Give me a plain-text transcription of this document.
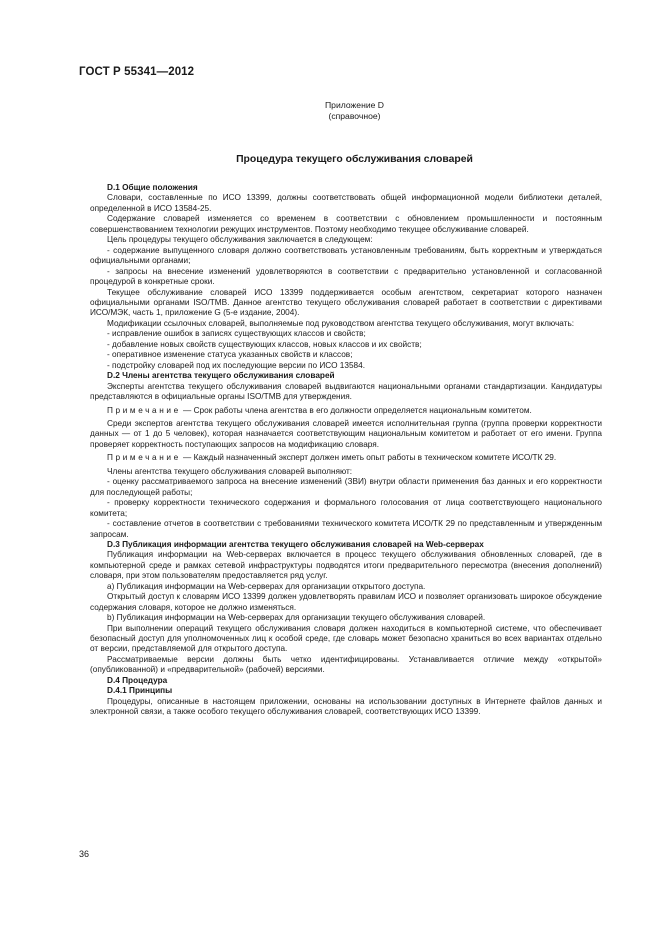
ГОСТ Р 55341—2012
Приложение D
(справочное)
Процедура текущего обслуживания словарей

D.1 Общие положения

Словари, составленные по ИСО 13399, должны соответствовать общей информационной модели библиотеки деталей, определенной в ИСО 13584-25.

Содержание словарей изменяется со временем в соответствии с обновлением промышленности и постоянным совершенствованием технологии режущих инструментов. Поэтому необходимо текущее обслуживание словарей.

Цель процедуры текущего обслуживания заключается в следующем:

- содержание выпущенного словаря должно соответствовать установленным требованиям, быть корректным и утверждаться официальными органами;

- запросы на внесение изменений удовлетворяются в соответствии с предварительно установленной и согласованной процедурой в конкретные сроки.

Текущее обслуживание словарей ИСО 13399 поддерживается особым агентством, секретариат которого назначен официальными органами ISO/TMB. Данное агентство текущего обслуживания словарей работает в соответствии с директивами ИСО/МЭК, часть 1, приложение G (5-е издание, 2004).

Модификации ссылочных словарей, выполняемые под руководством агентства текущего обслуживания, могут включать:

- исправление ошибок в записях существующих классов и свойств;

- добавление новых свойств существующих классов, новых классов и их свойств;

- оперативное изменение статуса указанных свойств и классов;

- подстройку словарей под их последующие версии по ИСО 13584.

D.2 Члены агентства текущего обслуживания словарей

Эксперты агентства текущего обслуживания словарей выдвигаются национальными органами стандартизации. Кандидатуры представляются в официальные органы ISO/TMB для утверждения.

Примечание — Срок работы члена агентства в его должности определяется национальным комитетом.

Среди экспертов агентства текущего обслуживания словарей имеется исполнительная группа (группа проверки корректности данных — от 1 до 5 человек), которая назначается соответствующим национальным комитетом и работает от его имени. Группа проверяет корректность поступающих запросов на модификацию словаря.

Примечание — Каждый назначенный эксперт должен иметь опыт работы в техническом комитете ИСО/ТК 29.

Члены агентства текущего обслуживания словарей выполняют:

- оценку рассматриваемого запроса на внесение изменений (ЗВИ) внутри области применения баз данных и его корректности для последующей работы;

- проверку корректности технического содержания и формального голосования от лица соответствующего национального комитета;

- составление отчетов в соответствии с требованиями технического комитета ИСО/ТК 29 по представленным и утвержденным запросам.

D.3 Публикация информации агентства текущего обслуживания словарей на Web-серверах

Публикация информации на Web-серверах включается в процесс текущего обслуживания обновленных словарей, где в компьютерной среде и рамках сетевой инфраструктуры подводятся итоги предварительного пересмотра (внесения дополнений) словаря, при этом пользователям предоставляется ряд услуг.

а) Публикация информации на Web-серверах для организации открытого доступа.

Открытый доступ к словарям ИСО 13399 должен удовлетворять правилам ИСО и позволяет организовать широкое обсуждение содержания словаря, которое не должно изменяться.

b) Публикация информации на Web-серверах для организации текущего обслуживания словарей.

При выполнении операций текущего обслуживания словаря должен находиться в компьютерной системе, что обеспечивает безопасный доступ для уполномоченных лиц к особой среде, где словарь может безопасно храниться во всех вариантах отдельно от версии, представляемой для открытого доступа.

Рассматриваемые версии должны быть четко идентифицированы. Устанавливается отличие между «открытой» (опубликованной) и «предварительной» (рабочей) версиями.

D.4 Процедура

D.4.1 Принципы

Процедуры, описанные в настоящем приложении, основаны на использовании доступных в Интернете файлов данных и электронной связи, а также особого текущего обслуживания словарей, соответствующих ИСО 13399.

36
